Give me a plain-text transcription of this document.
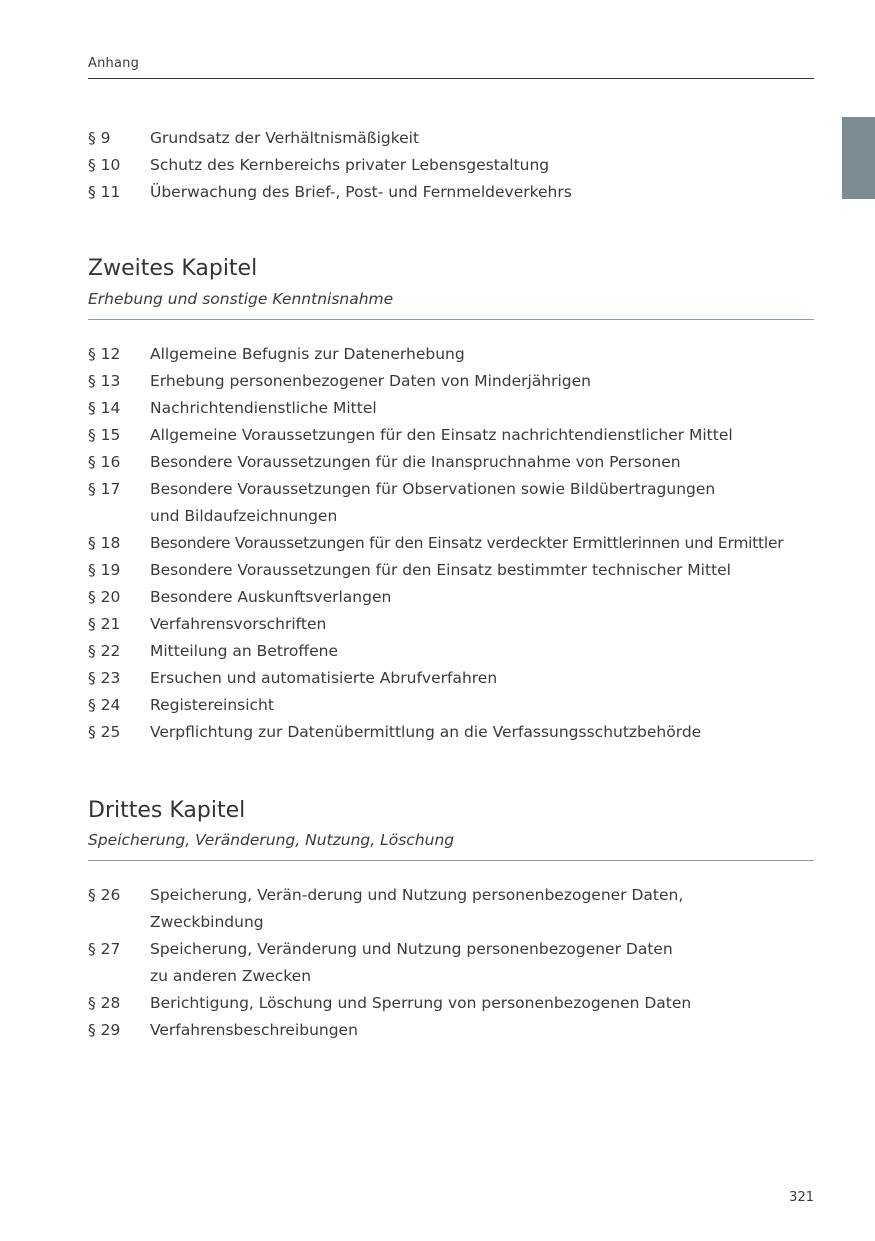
Anhang
§ 9	Grundsatz der Verhältnismäßigkeit
§ 10	Schutz des Kernbereichs privater Lebensgestaltung
§ 11	Überwachung des Brief-, Post- und Fernmeldeverkehrs
Zweites Kapitel
Erhebung und sonstige Kenntnisnahme
§ 12	Allgemeine Befugnis zur Datenerhebung
§ 13	Erhebung personenbezogener Daten von Minderjährigen
§ 14	Nachrichtendienstliche Mittel
§ 15	Allgemeine Voraussetzungen für den Einsatz nachrichtendienstlicher Mittel
§ 16	Besondere Voraussetzungen für die Inanspruchnahme von Personen
§ 17	Besondere Voraussetzungen für Observationen sowie Bildübertragungen
und Bildaufzeichnungen
§ 18	Besondere Voraussetzungen für den Einsatz verdeckter Ermittlerinnen und Ermittler
§ 19	Besondere Voraussetzungen für den Einsatz bestimmter technischer Mittel
§ 20	Besondere Auskunftsverlangen
§ 21	Verfahrensvorschriften
§ 22	Mitteilung an Betroffene
§ 23	Ersuchen und automatisierte Abrufverfahren
§ 24	Registereinsicht
§ 25	Verpflichtung zur Datenübermittlung an die Verfassungsschutzbehörde
Drittes Kapitel
Speicherung, Veränderung, Nutzung, Löschung
§ 26	Speicherung, Verän-derung und Nutzung personenbezogener Daten,
Zweckbindung
§ 27	Speicherung, Veränderung und Nutzung personenbezogener Daten
zu anderen Zwecken
§ 28	Berichtigung, Löschung und Sperrung von personenbezogenen Daten
§ 29	Verfahrensbeschreibungen
321
